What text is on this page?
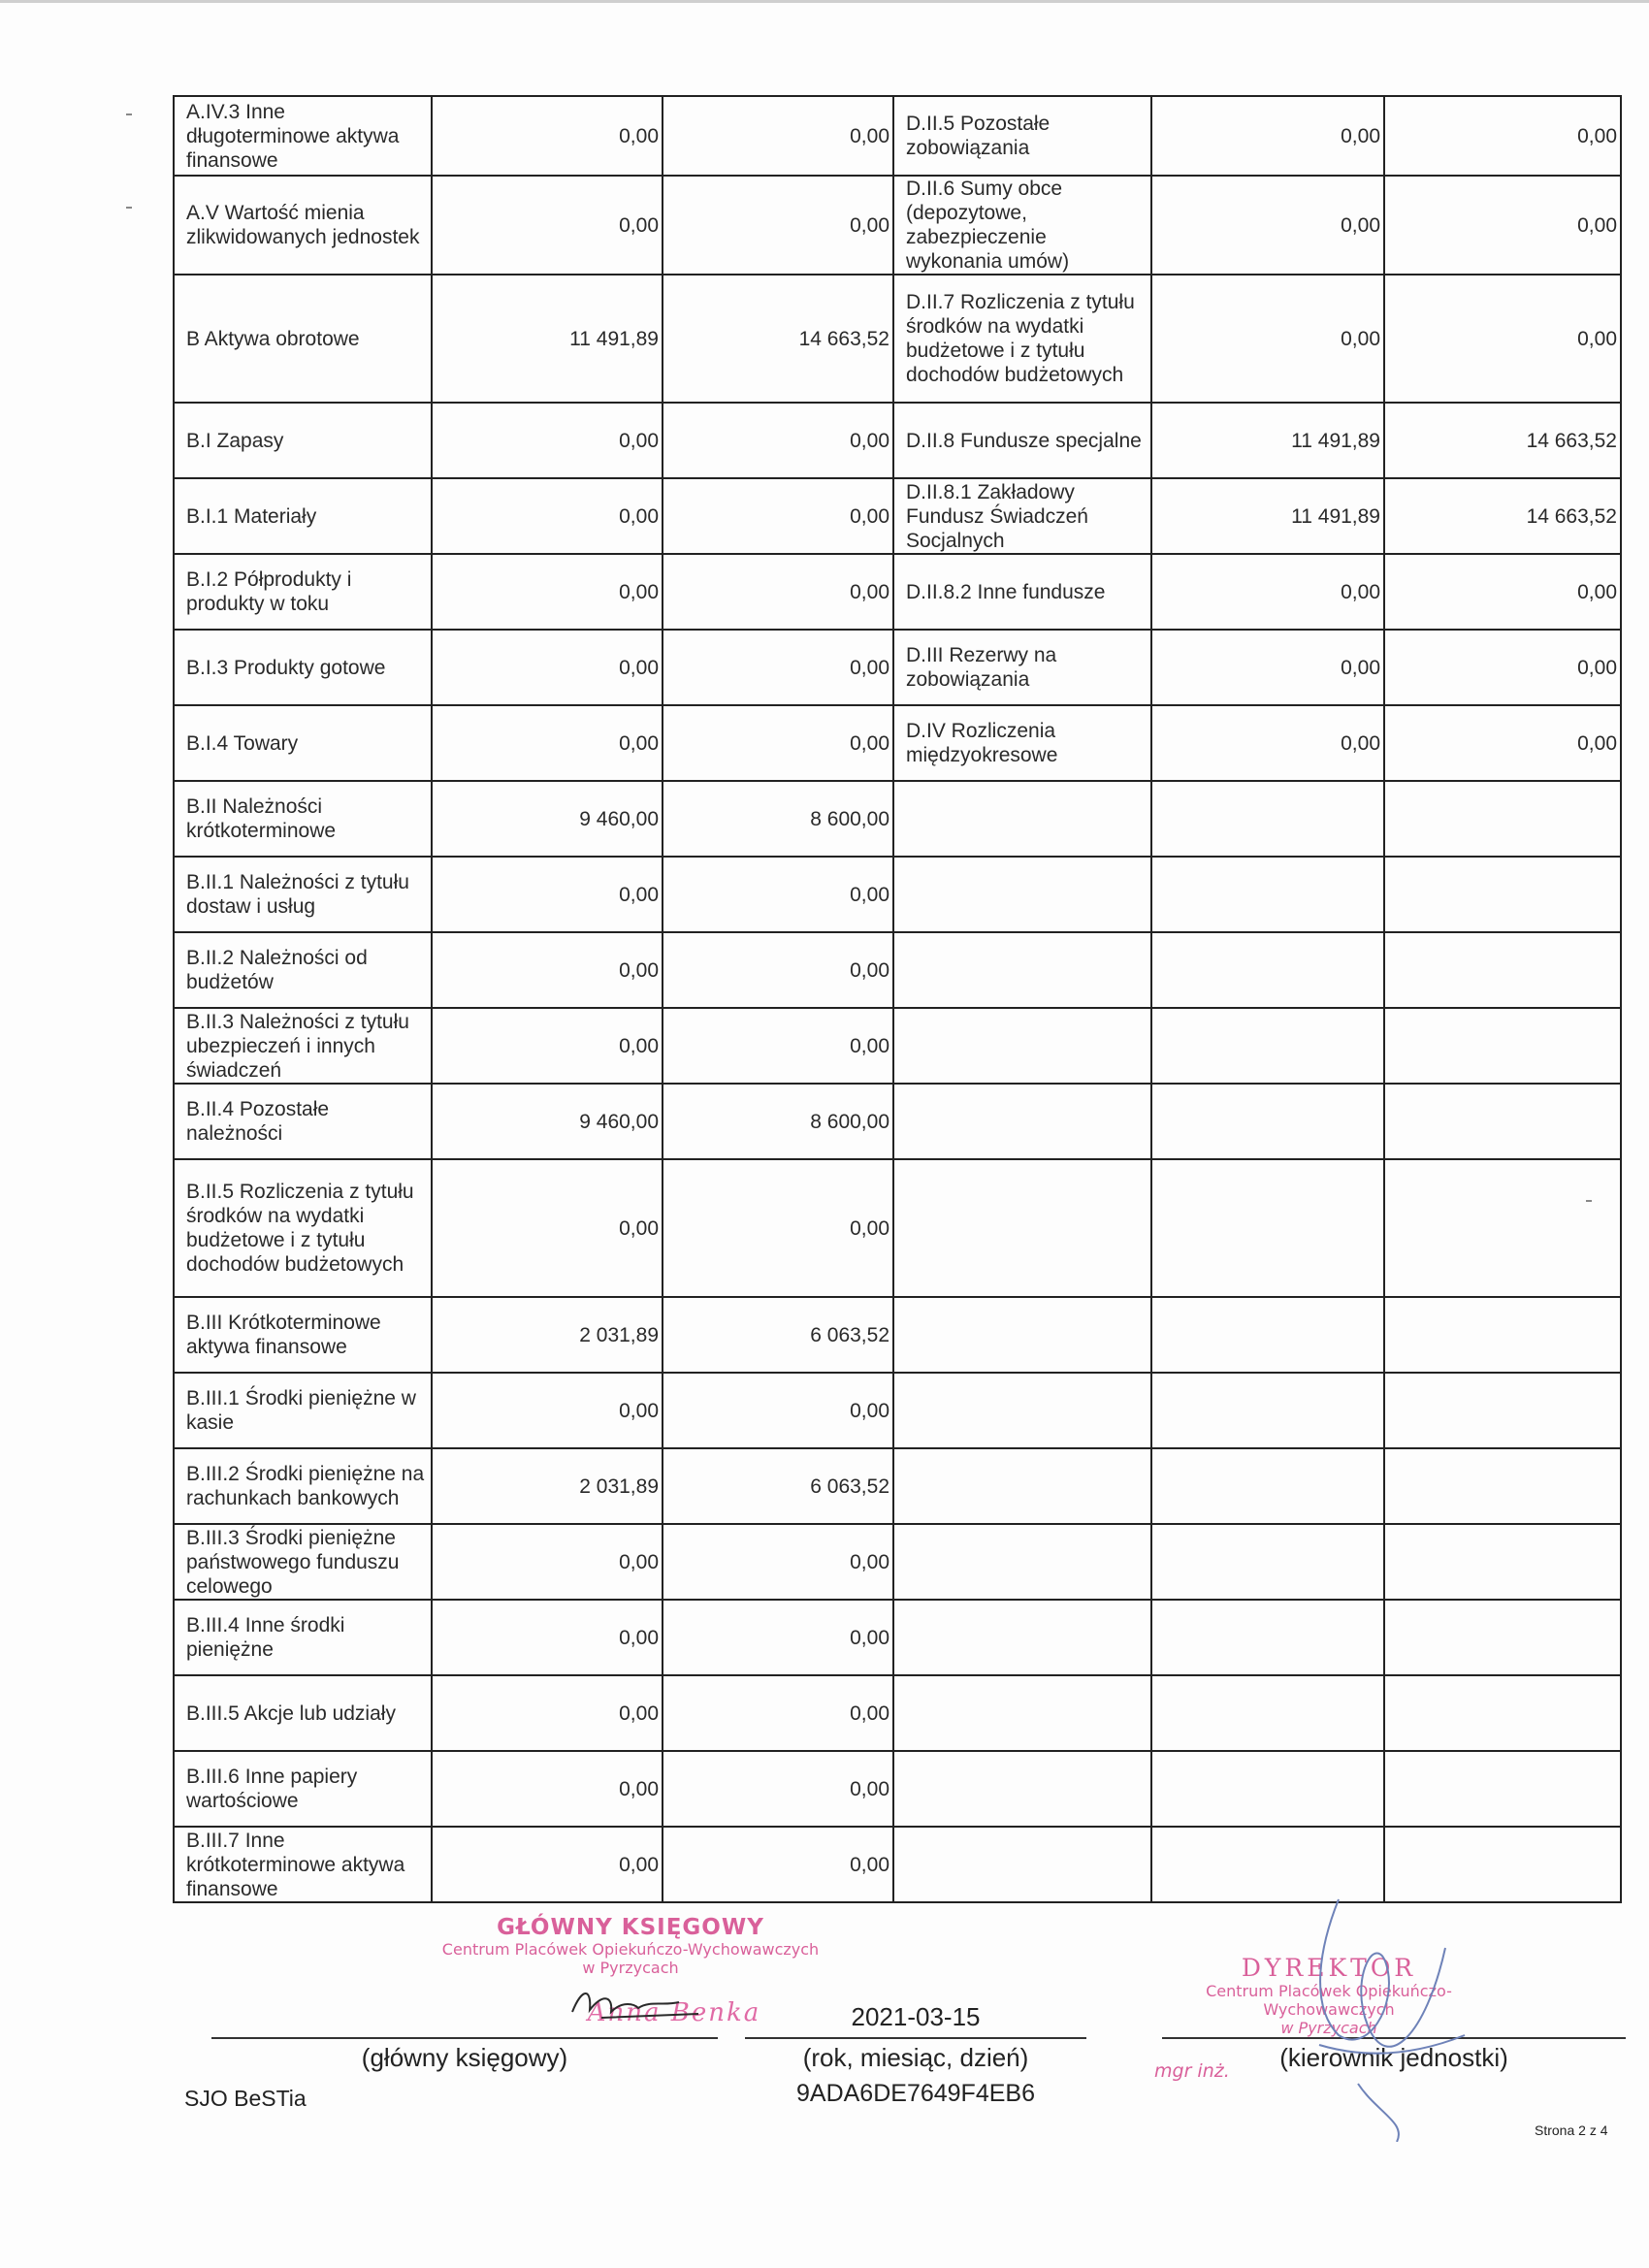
A.IV.3 Inne długoterminowe aktywa finansowe	0,00	0,00	D.II.5 Pozostałe zobowiązania	0,00	0,00
A.V Wartość mienia zlikwidowanych jednostek	0,00	0,00	D.II.6 Sumy obce (depozytowe, zabezpieczenie wykonania umów)	0,00	0,00
B Aktywa obrotowe	11 491,89	14 663,52	D.II.7 Rozliczenia z tytułu środków na wydatki budżetowe i z tytułu dochodów budżetowych	0,00	0,00
B.I Zapasy	0,00	0,00	D.II.8 Fundusze specjalne	11 491,89	14 663,52
B.I.1 Materiały	0,00	0,00	D.II.8.1 Zakładowy Fundusz Świadczeń Socjalnych	11 491,89	14 663,52
B.I.2 Półprodukty i produkty w toku	0,00	0,00	D.II.8.2 Inne fundusze	0,00	0,00
B.I.3 Produkty gotowe	0,00	0,00	D.III Rezerwy na zobowiązania	0,00	0,00
B.I.4 Towary	0,00	0,00	D.IV Rozliczenia międzyokresowe	0,00	0,00
B.II Należności krótkoterminowe	9 460,00	8 600,00			
B.II.1 Należności z tytułu dostaw i usług	0,00	0,00			
B.II.2 Należności od budżetów	0,00	0,00			
B.II.3 Należności z tytułu ubezpieczeń i innych świadczeń	0,00	0,00			
B.II.4 Pozostałe należności	9 460,00	8 600,00			
B.II.5 Rozliczenia z tytułu środków na wydatki budżetowe i z tytułu dochodów budżetowych	0,00	0,00			
B.III Krótkoterminowe aktywa finansowe	2 031,89	6 063,52			
B.III.1 Środki pieniężne w kasie	0,00	0,00			
B.III.2 Środki pieniężne na rachunkach bankowych	2 031,89	6 063,52			
B.III.3 Środki pieniężne państwowego funduszu celowego	0,00	0,00			
B.III.4 Inne środki pieniężne	0,00	0,00			
B.III.5 Akcje lub udziały	0,00	0,00			
B.III.6 Inne papiery wartościowe	0,00	0,00			
B.III.7 Inne krótkoterminowe aktywa finansowe	0,00	0,00			
(główny księgowy)
2021-03-15
(rok, miesiąc, dzień)	(kierownik jednostki)
GŁÓWNY KSIĘGOWY
Centrum Placówek Opiekuńczo-Wychowawczych
w Pyrzycach
Anna Benka
DYREKTOR
Centrum Placówek Opiekuńczo-Wychowawczych
w Pyrzycach
mgr inż.
SJO BeSTia	9ADA6DE7649F4EB6
Strona 2 z 4
